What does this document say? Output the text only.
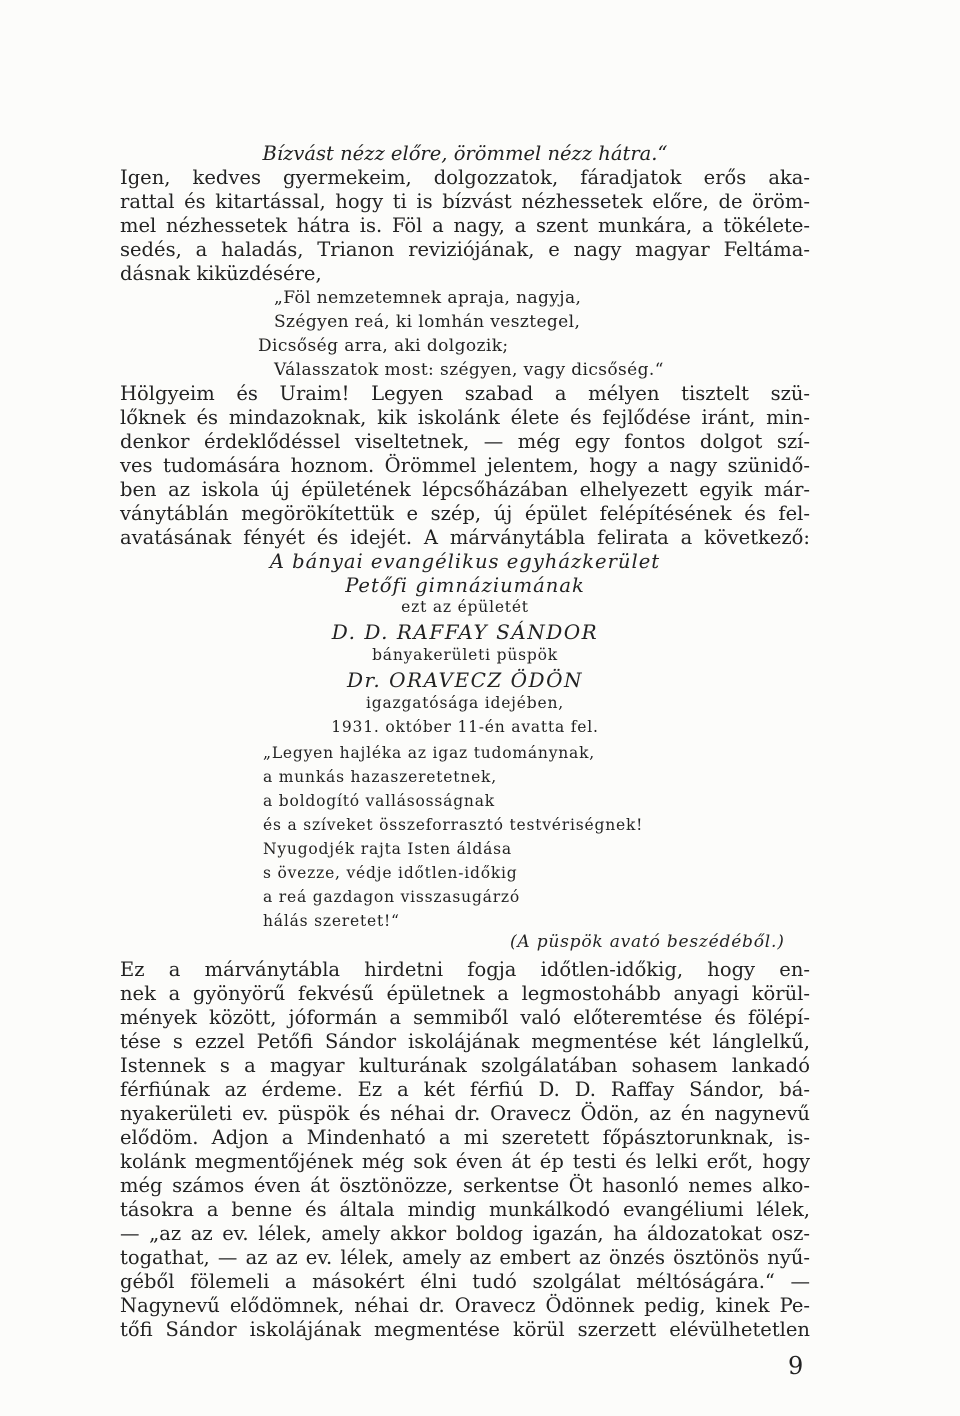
Bízvást nézz előre, örömmel nézz hátra.“
Igen, kedves gyermekeim, dolgozzatok, fáradjatok erős aka-
rattal és kitartással, hogy ti is bízvást nézhessetek előre, de öröm-
mel nézhessetek hátra is. Föl a nagy, a szent munkára, a tökélete-
sedés, a haladás, Trianon reviziójának, e nagy magyar Feltáma-
dásnak kiküzdésére,
„Föl nemzetemnek apraja, nagyja,
Szégyen reá, ki lomhán vesztegel,
Dicsőség arra, aki dolgozik;
Válasszatok most: szégyen, vagy dicsőség.“
Hölgyeim és Uraim! Legyen szabad a mélyen tisztelt szü-
lőknek és mindazoknak, kik iskolánk élete és fejlődése iránt, min-
denkor érdeklődéssel viseltetnek, — még egy fontos dolgot szí-
ves tudomására hoznom. Örömmel jelentem, hogy a nagy szünidő-
ben az iskola új épületének lépcsőházában elhelyezett egyik már-
ványtáblán megörökítettük e szép, új épület felépítésének és fel-
avatásának fényét és idejét. A márványtábla felirata a következő:
A bányai evangélikus egyházkerület
Petőfi gimnáziumának
ezt az épületét
D. D. RAFFAY SÁNDOR
bányakerületi püspök
Dr. ORAVECZ ÖDÖN
igazgatósága idejében,
1931. október 11-én avatta fel.
„Legyen hajléka az igaz tudománynak,
a munkás hazaszeretetnek,
a boldogító vallásosságnak
és a szíveket összeforrasztó testvériségnek!
Nyugodjék rajta Isten áldása
s övezze, védje időtlen-időkig
a reá gazdagon visszasugárzó
hálás szeretet!“
(A püspök avató beszédéből.)
Ez a márványtábla hirdetni fogja időtlen-időkig, hogy en-
nek a gyönyörű fekvésű épületnek a legmostohább anyagi körül-
mények között, jóformán a semmiből való előteremtése és fölépí-
tése s ezzel Petőfi Sándor iskolájának megmentése két lánglelkű,
Istennek s a magyar kulturának szolgálatában sohasem lankadó
férfiúnak az érdeme. Ez a két férfiú D. D. Raffay Sándor, bá-
nyakerületi ev. püspök és néhai dr. Oravecz Ödön, az én nagynevű
elődöm. Adjon a Mindenható a mi szeretett főpásztorunknak, is-
kolánk megmentőjének még sok éven át ép testi és lelki erőt, hogy
még számos éven át ösztönözze, serkentse Öt hasonló nemes alko-
tásokra a benne és általa mindig munkálkodó evangéliumi lélek,
— „az az ev. lélek, amely akkor boldog igazán, ha áldozatokat osz-
togathat, — az az ev. lélek, amely az embert az önzés ösztönös nyű-
géből fölemeli a másokért élni tudó szolgálat méltóságára.“ —
Nagynevű elődömnek, néhai dr. Oravecz Ödönnek pedig, kinek Pe-
tőfi Sándor iskolájának megmentése körül szerzett elévülhetetlen
9
